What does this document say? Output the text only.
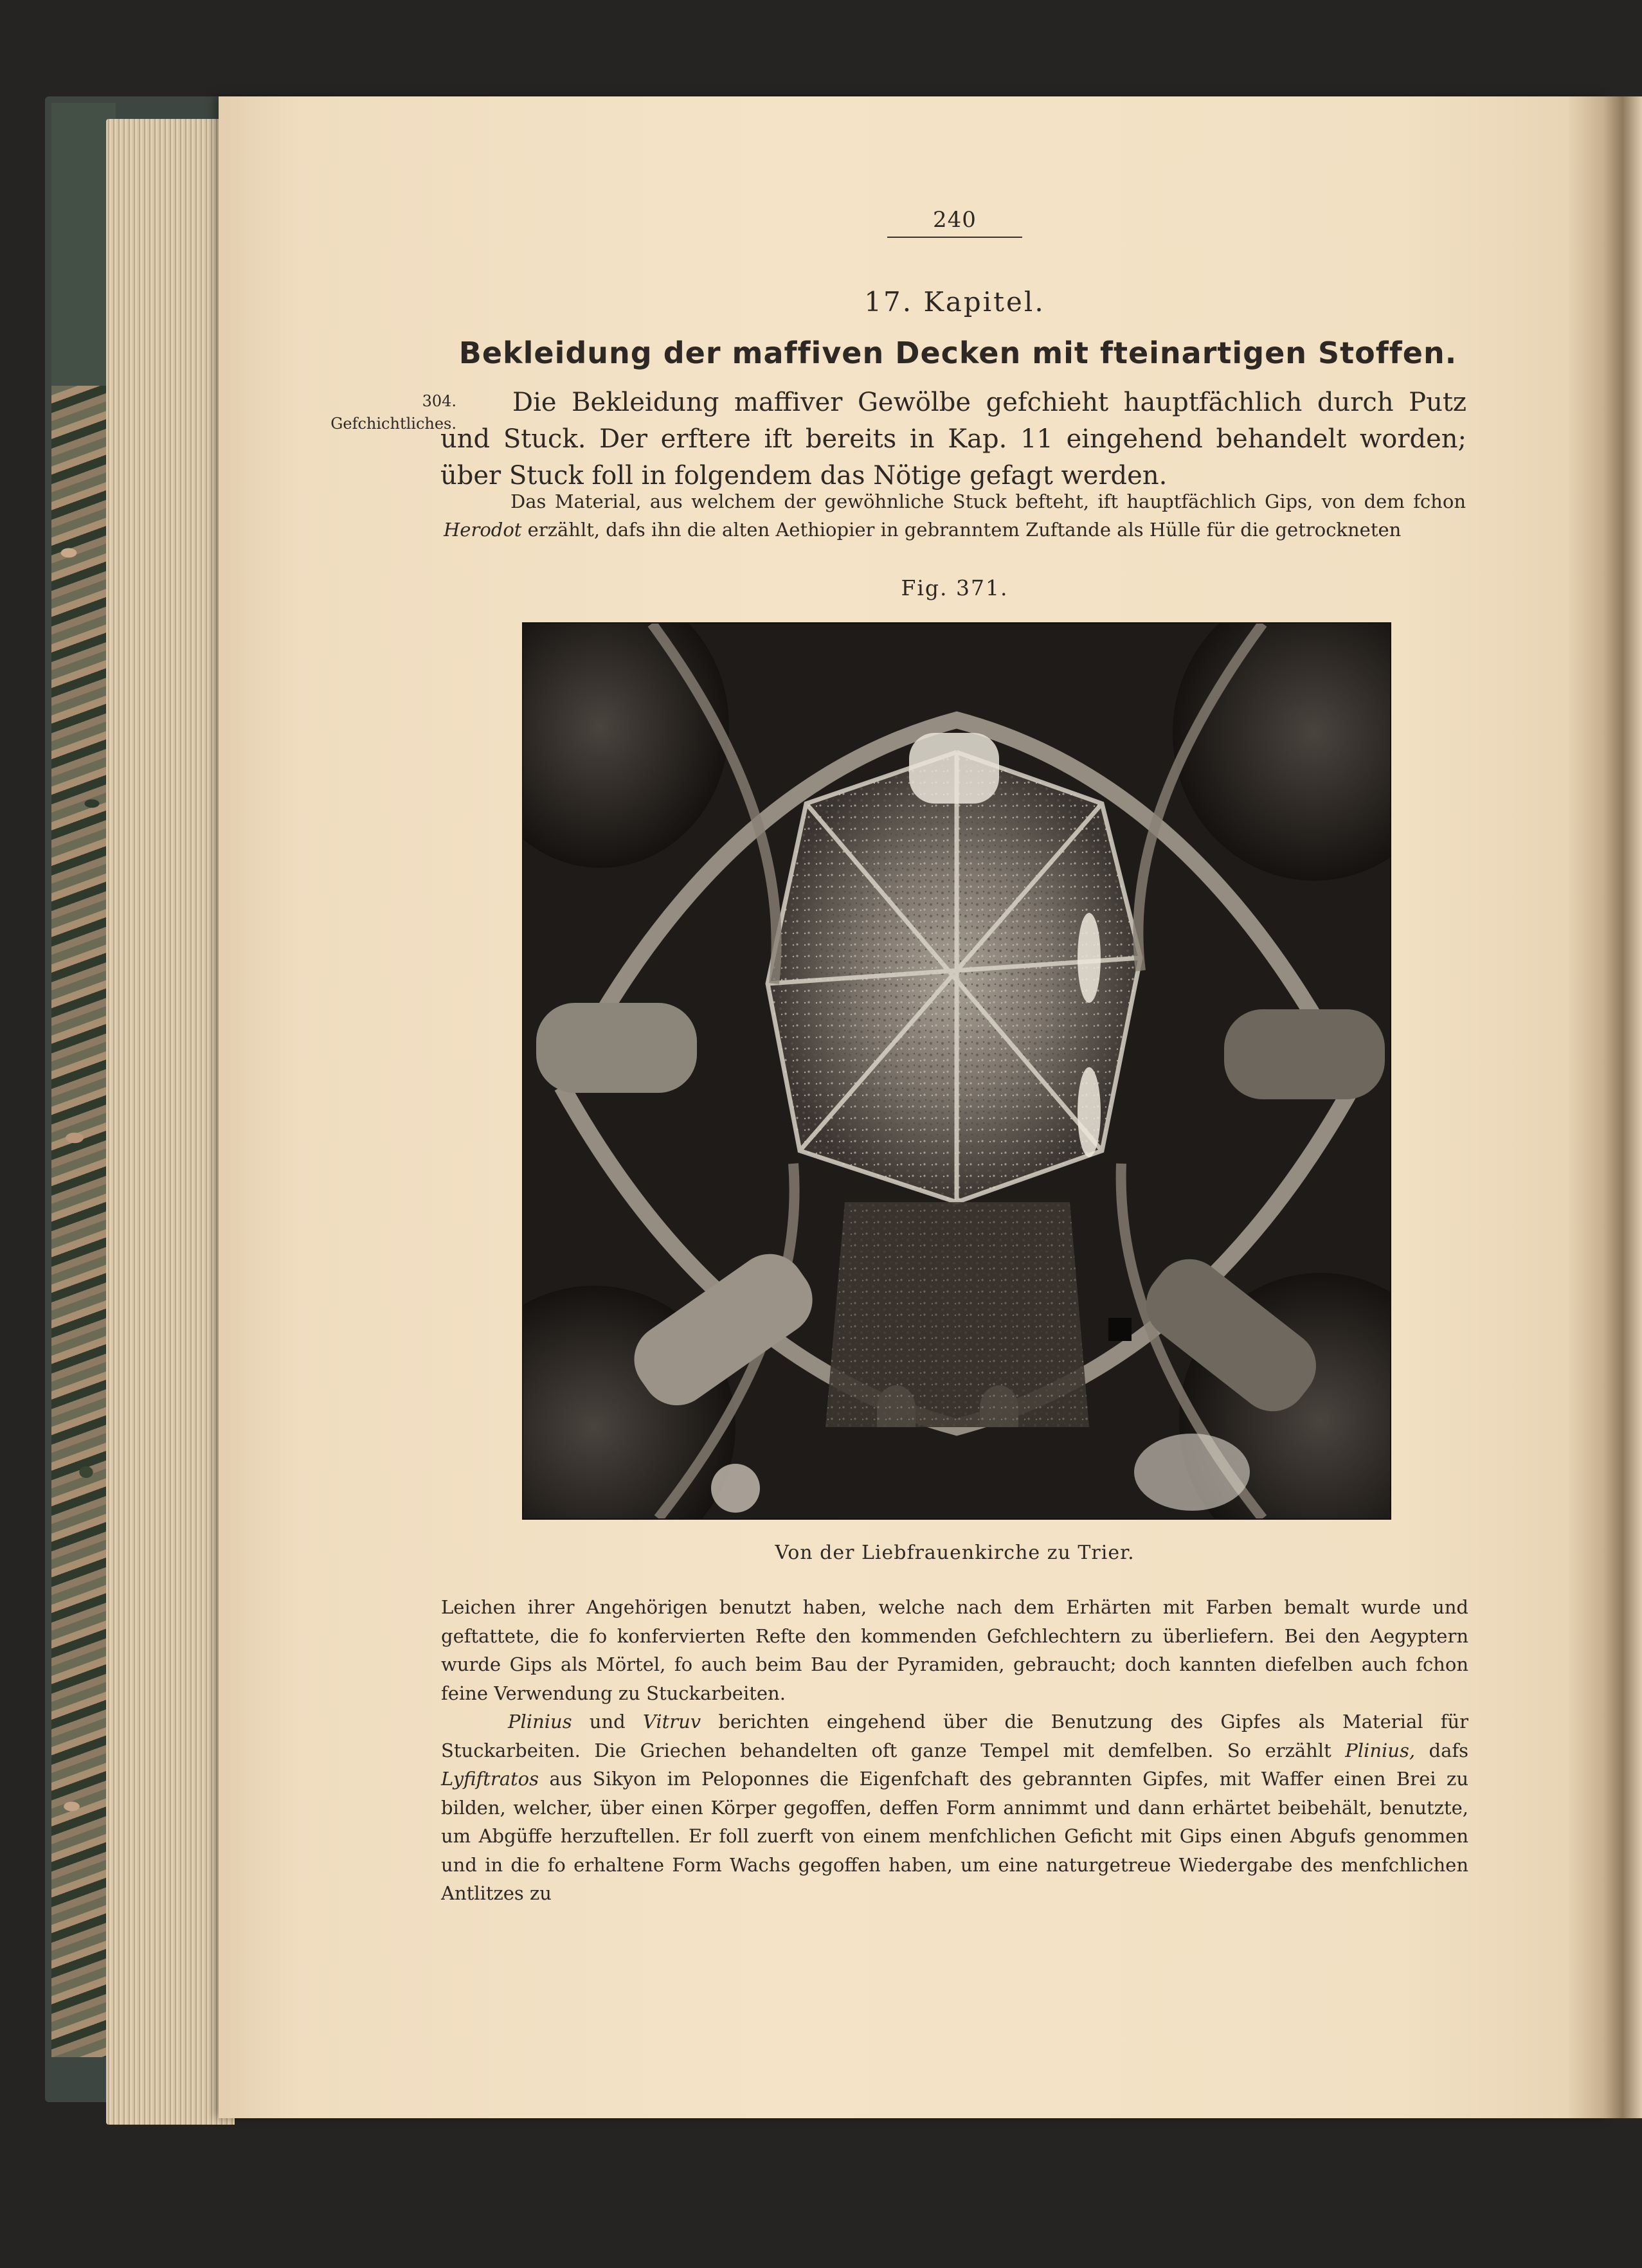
240
17. Kapitel.
Bekleidung der maffiven Decken mit fteinartigen Stoffen.
304.
Gefchichtliches.

Die Bekleidung maffiver Gewölbe gefchieht hauptfächlich durch Putz und Stuck. Der erftere ift bereits in Kap. 11 eingehend behandelt worden; über Stuck foll in folgendem das Nötige gefagt werden.

Das Material, aus welchem der gewöhnliche Stuck befteht, ift hauptfächlich Gips, von dem fchon Herodot erzählt, dafs ihn die alten Aethiopier in gebranntem Zuftande als Hülle für die getrockneten

Fig. 371.
Von der Liebfrauenkirche zu Trier.

Leichen ihrer Angehörigen benutzt haben, welche nach dem Erhärten mit Farben bemalt wurde und geftattete, die fo konfervierten Refte den kommenden Gefchlechtern zu überliefern. Bei den Aegyptern wurde Gips als Mörtel, fo auch beim Bau der Pyramiden, gebraucht; doch kannten diefelben auch fchon feine Verwendung zu Stuckarbeiten.

Plinius und Vitruv berichten eingehend über die Benutzung des Gipfes als Material für Stuckarbeiten. Die Griechen behandelten oft ganze Tempel mit demfelben. So erzählt Plinius, dafs Lyfiftratos aus Sikyon im Peloponnes die Eigenfchaft des gebrannten Gipfes, mit Waffer einen Brei zu bilden, welcher, über einen Körper gegoffen, deffen Form annimmt und dann erhärtet beibehält, benutzte, um Abgüffe herzuftellen. Er foll zuerft von einem menfchlichen Geficht mit Gips einen Abgufs genommen und in die fo erhaltene Form Wachs gegoffen haben, um eine naturgetreue Wiedergabe des menfchlichen Antlitzes zu
